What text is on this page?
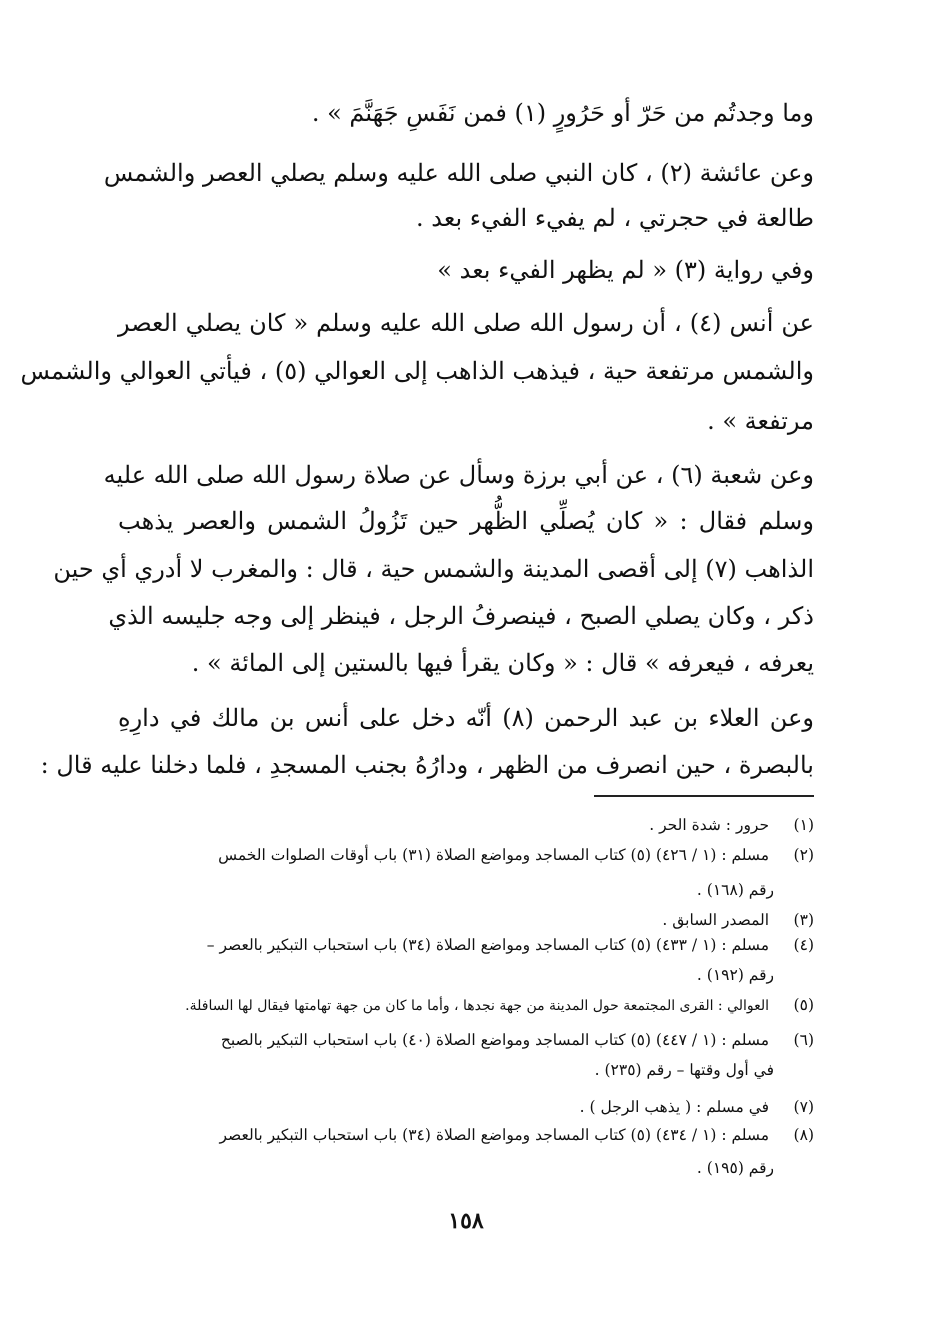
وما وجدتُم من حَرّ أو حَرُورٍ (١) فمن نَفَسِ جَهَنَّمَ » .
وعن عائشة (٢) ، كان النبي صلى الله عليه وسلم يصلي العصر والشمس
طالعة في حجرتي ، لم يفيء الفيء بعد .
وفي رواية (٣) « لم يظهر الفيء بعد »
عن أنس (٤) ، أن رسول الله صلى الله عليه وسلم « كان يصلي العصر
والشمس مرتفعة حية ، فيذهب الذاهب إلى العوالي (٥) ، فيأتي العوالي والشمس
مرتفعة » .
وعن شعبة (٦) ، عن أبي برزة وسأل عن صلاة رسول الله صلى الله عليه
وسلم فقال : « كان يُصلِّي الظُّهر حين تَزُولُ الشمس والعصر يذهب
الذاهب (٧) إلى أقصى المدينة والشمس حية ، قال : والمغرب لا أدري أي حين
ذكر ، وكان يصلي الصبح ، فينصرفُ الرجل ، فينظر إلى وجه جليسه الذي
يعرفه ، فيعرفه » قال : « وكان يقرأ فيها بالستين إلى المائة » .
وعن العلاء بن عبد الرحمن (٨) أنّه دخل على أنس بن مالك في دارِهِ
بالبصرة ، حين انصرف من الظهر ، ودارُهُ بجنب المسجدِ ، فلما دخلنا عليه قال :
(١) حرور : شدة الحر .
(٢) مسلم : (١ / ٤٢٦) (٥) كتاب المساجد ومواضع الصلاة (٣١) باب أوقات الصلوات الخمس
رقم (١٦٨) .
(٣) المصدر السابق .
(٤) مسلم : (١ / ٤٣٣) (٥) كتاب المساجد ومواضع الصلاة (٣٤) باب استحباب التبكير بالعصر –
رقم (١٩٢) .
(٥) العوالي : القرى المجتمعة حول المدينة من جهة نجدها ، وأما ما كان من جهة تهامتها فيقال لها السافلة.
(٦) مسلم : (١ / ٤٤٧) (٥) كتاب المساجد ومواضع الصلاة (٤٠) باب استحباب التبكير بالصبح
في أول وقتها – رقم (٢٣٥) .
(٧) في مسلم : ( يذهب الرجل ) .
(٨) مسلم : (١ / ٤٣٤) (٥) كتاب المساجد ومواضع الصلاة (٣٤) باب استحباب التبكير بالعصر
رقم (١٩٥) .
١٥٨
